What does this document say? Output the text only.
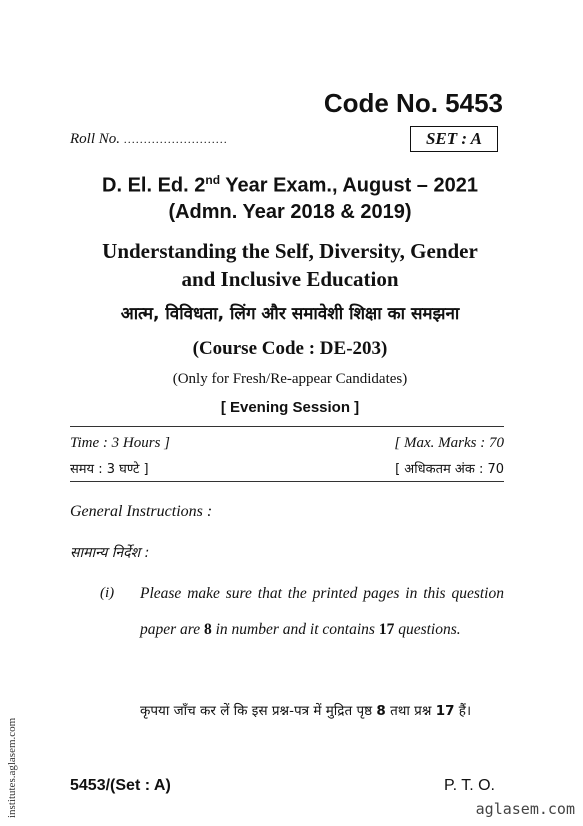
Code No. 5453
Roll No. ..........................	SET : A
D. El. Ed. 2nd Year Exam., August – 2021
(Admn. Year 2018 & 2019)
Understanding the Self, Diversity, Gender
and Inclusive Education
आत्म, विविधता, लिंग और समावेशी शिक्षा का समझना
(Course Code : DE-203)
(Only for Fresh/Re-appear Candidates)
[ Evening Session ]
Time : 3 Hours ]	[ Max. Marks : 70
समय : 3 घण्टे ]	[ अधिकतम अंक : 70
General Instructions :
सामान्य निर्देश :
(i) Please make sure that the printed pages in this question paper are 8 in number and it contains 17 questions.
कृपया जाँच कर लें कि इस प्रश्न-पत्र में मुद्रित पृष्ठ 8 तथा प्रश्न 17 हैं।
5453/(Set : A)	P. T. O.
institutes.aglasem.com	aglasem.com
